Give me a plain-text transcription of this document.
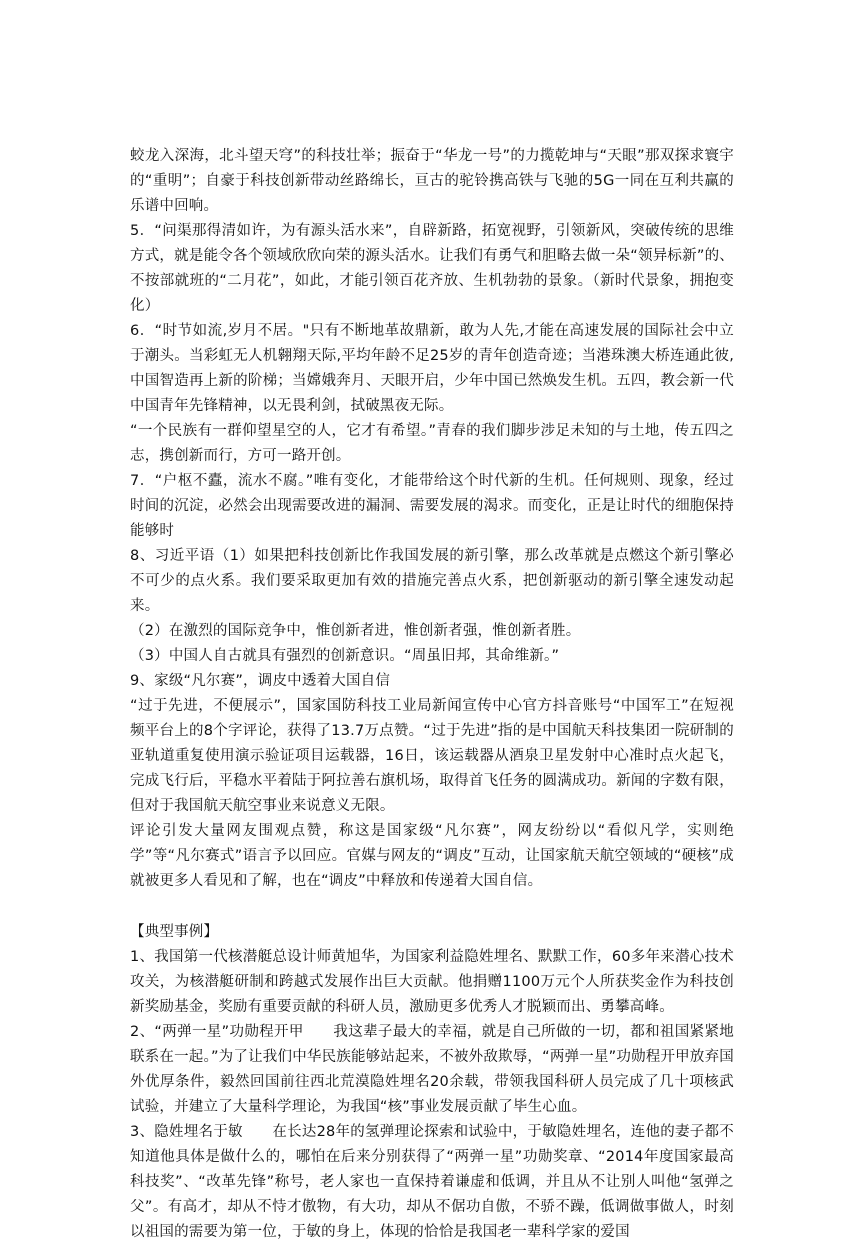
蛟龙入深海，北斗望天穹”的科技壮举；振奋于“华龙一号”的力揽乾坤与“天眼”那双探求寰宇的“重明”；自豪于科技创新带动丝路绵长，亘古的驼铃携高铁与飞驰的5G一同在互利共赢的乐谱中回响。

5．“问渠那得清如许，为有源头活水来”，自辟新路，拓宽视野，引领新风，突破传统的思维方式，就是能令各个领域欣欣向荣的源头活水。让我们有勇气和胆略去做一朵“领异标新”的、不按部就班的“二月花”，如此，才能引领百花齐放、生机勃勃的景象。（新时代景象，拥抱变化）

6．“时节如流,岁月不居。"只有不断地革故鼎新，敢为人先,才能在高速发展的国际社会中立于潮头。当彩虹无人机翱翔天际,平均年龄不足25岁的青年创造奇迹；当港珠澳大桥连通此彼,中国智造再上新的阶梯；当嫦娥奔月、天眼开启，少年中国已然焕发生机。五四，教会新一代中国青年先锋精神，以无畏利剑，拭破黑夜无际。

“一个民族有一群仰望星空的人，它才有希望。”青春的我们脚步涉足未知的与土地，传五四之志，携创新而行，方可一路开创。

7．“户枢不蠹，流水不腐。”唯有变化，才能带给这个时代新的生机。任何规则、现象，经过时间的沉淀，必然会出现需要改进的漏洞、需要发展的渴求。而变化，正是让时代的细胞保持能够时

8、习近平语（1）如果把科技创新比作我国发展的新引擎，那么改革就是点燃这个新引擎必不可少的点火系。我们要采取更加有效的措施完善点火系，把创新驱动的新引擎全速发动起来。

（2）在激烈的国际竞争中，惟创新者进，惟创新者强，惟创新者胜。

（3）中国人自古就具有强烈的创新意识。“周虽旧邦，其命维新。”

9、家级“凡尔赛”，调皮中透着大国自信

“过于先进，不便展示”，国家国防科技工业局新闻宣传中心官方抖音账号“中国军工”在短视频平台上的8个字评论，获得了13.7万点赞。“过于先进”指的是中国航天科技集团一院研制的亚轨道重复使用演示验证项目运载器，16日，该运载器从酒泉卫星发射中心准时点火起飞，完成飞行后，平稳水平着陆于阿拉善右旗机场，取得首飞任务的圆满成功。新闻的字数有限，但对于我国航天航空事业来说意义无限。

评论引发大量网友围观点赞，称这是国家级“凡尔赛”，网友纷纷以“看似凡学，实则绝学”等“凡尔赛式”语言予以回应。官媒与网友的“调皮”互动，让国家航天航空领域的“硬核”成就被更多人看见和了解，也在“调皮”中释放和传递着大国自信。

【典型事例】

1、我国第一代核潜艇总设计师黄旭华，为国家利益隐姓埋名、默默工作，60多年来潜心技术攻关，为核潜艇研制和跨越式发展作出巨大贡献。他捐赠1100万元个人所获奖金作为科技创新奖励基金，奖励有重要贡献的科研人员，激励更多优秀人才脱颖而出、勇攀高峰。

2、“两弹一星”功勋程开甲　　我这辈子最大的幸福，就是自己所做的一切，都和祖国紧紧地联系在一起。”为了让我们中华民族能够站起来，不被外敌欺辱，“两弹一星”功勋程开甲放弃国外优厚条件，毅然回国前往西北荒漠隐姓埋名20余载，带领我国科研人员完成了几十项核武试验，并建立了大量科学理论，为我国“核”事业发展贡献了毕生心血。

3、隐姓埋名于敏　　在长达28年的氢弹理论探索和试验中，于敏隐姓埋名，连他的妻子都不知道他具体是做什么的，哪怕在后来分别获得了“两弹一星”功勋奖章、“2014年度国家最高科技奖”、“改革先锋”称号，老人家也一直保持着谦虚和低调，并且从不让别人叫他“氢弹之父”。有高才，却从不恃才傲物，有大功，却从不倨功自傲，不骄不躁，低调做事做人，时刻以祖国的需要为第一位，于敏的身上，体现的恰恰是我国老一辈科学家的爱国
